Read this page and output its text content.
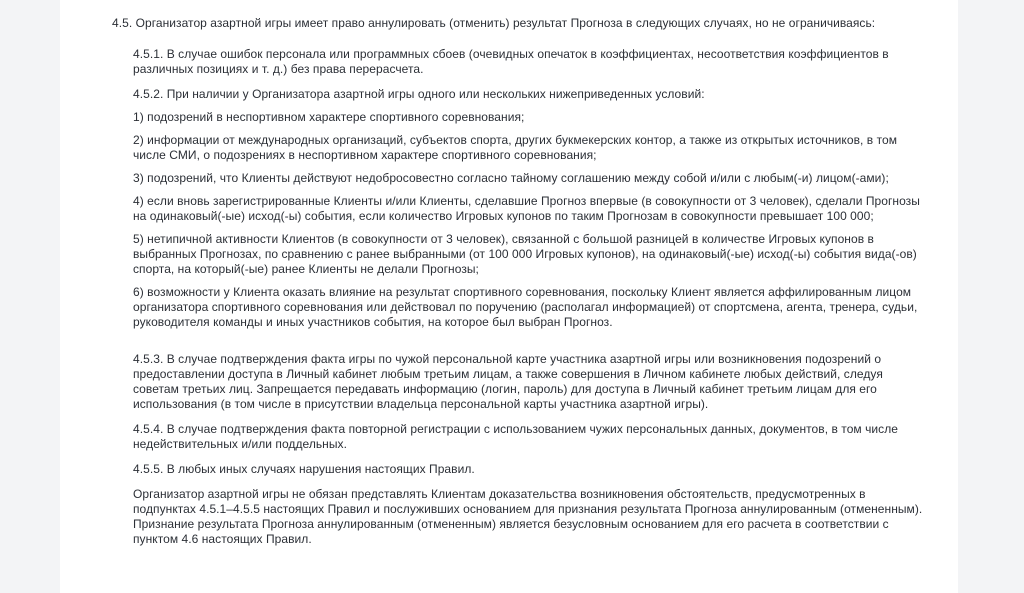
4.5. Организатор азартной игры имеет право аннулировать (отменить) результат Прогноза в следующих случаях, но не ограничиваясь:

4.5.1. В случае ошибок персонала или программных сбоев (очевидных опечаток в коэффициентах, несоответствия коэффициентов в различных позициях и т. д.) без права перерасчета.

4.5.2. При наличии у Организатора азартной игры одного или нескольких нижеприведенных условий:

1) подозрений в неспортивном характере спортивного соревнования;

2) информации от международных организаций, субъектов спорта, других букмекерских контор, а также из открытых источников, в том числе СМИ, о подозрениях в неспортивном характере спортивного соревнования;

3) подозрений, что Клиенты действуют недобросовестно согласно тайному соглашению между собой и/или с любым(-и) лицом(-ами);

4) если вновь зарегистрированные Клиенты и/или Клиенты, сделавшие Прогноз впервые (в совокупности от 3 человек), сделали Прогнозы на одинаковый(-ые) исход(-ы) события, если количество Игровых купонов по таким Прогнозам в совокупности превышает 100 000;

5) нетипичной активности Клиентов (в совокупности от 3 человек), связанной с большой разницей в количестве Игровых купонов в выбранных Прогнозах, по сравнению с ранее выбранными (от 100 000 Игровых купонов), на одинаковый(-ые) исход(-ы) события вида(-ов) спорта, на который(-ые) ранее Клиенты не делали Прогнозы;

6) возможности у Клиента оказать влияние на результат спортивного соревнования, поскольку Клиент является аффилированным лицом организатора спортивного соревнования или действовал по поручению (располагал информацией) от спортсмена, агента, тренера, судьи, руководителя команды и иных участников события, на которое был выбран Прогноз.

4.5.3. В случае подтверждения факта игры по чужой персональной карте участника азартной игры или возникновения подозрений о предоставлении доступа в Личный кабинет любым третьим лицам, а также совершения в Личном кабинете любых действий, следуя советам третьих лиц. Запрещается передавать информацию (логин, пароль) для доступа в Личный кабинет третьим лицам для его использования (в том числе в присутствии владельца персональной карты участника азартной игры).

4.5.4. В случае подтверждения факта повторной регистрации с использованием чужих персональных данных, документов, в том числе недействительных и/или поддельных.

4.5.5. В любых иных случаях нарушения настоящих Правил.

Организатор азартной игры не обязан представлять Клиентам доказательства возникновения обстоятельств, предусмотренных в подпунктах 4.5.1–4.5.5 настоящих Правил и послуживших основанием для признания результата Прогноза аннулированным (отмененным). Признание результата Прогноза аннулированным (отмененным) является безусловным основанием для его расчета в соответствии с пунктом 4.6 настоящих Правил.
